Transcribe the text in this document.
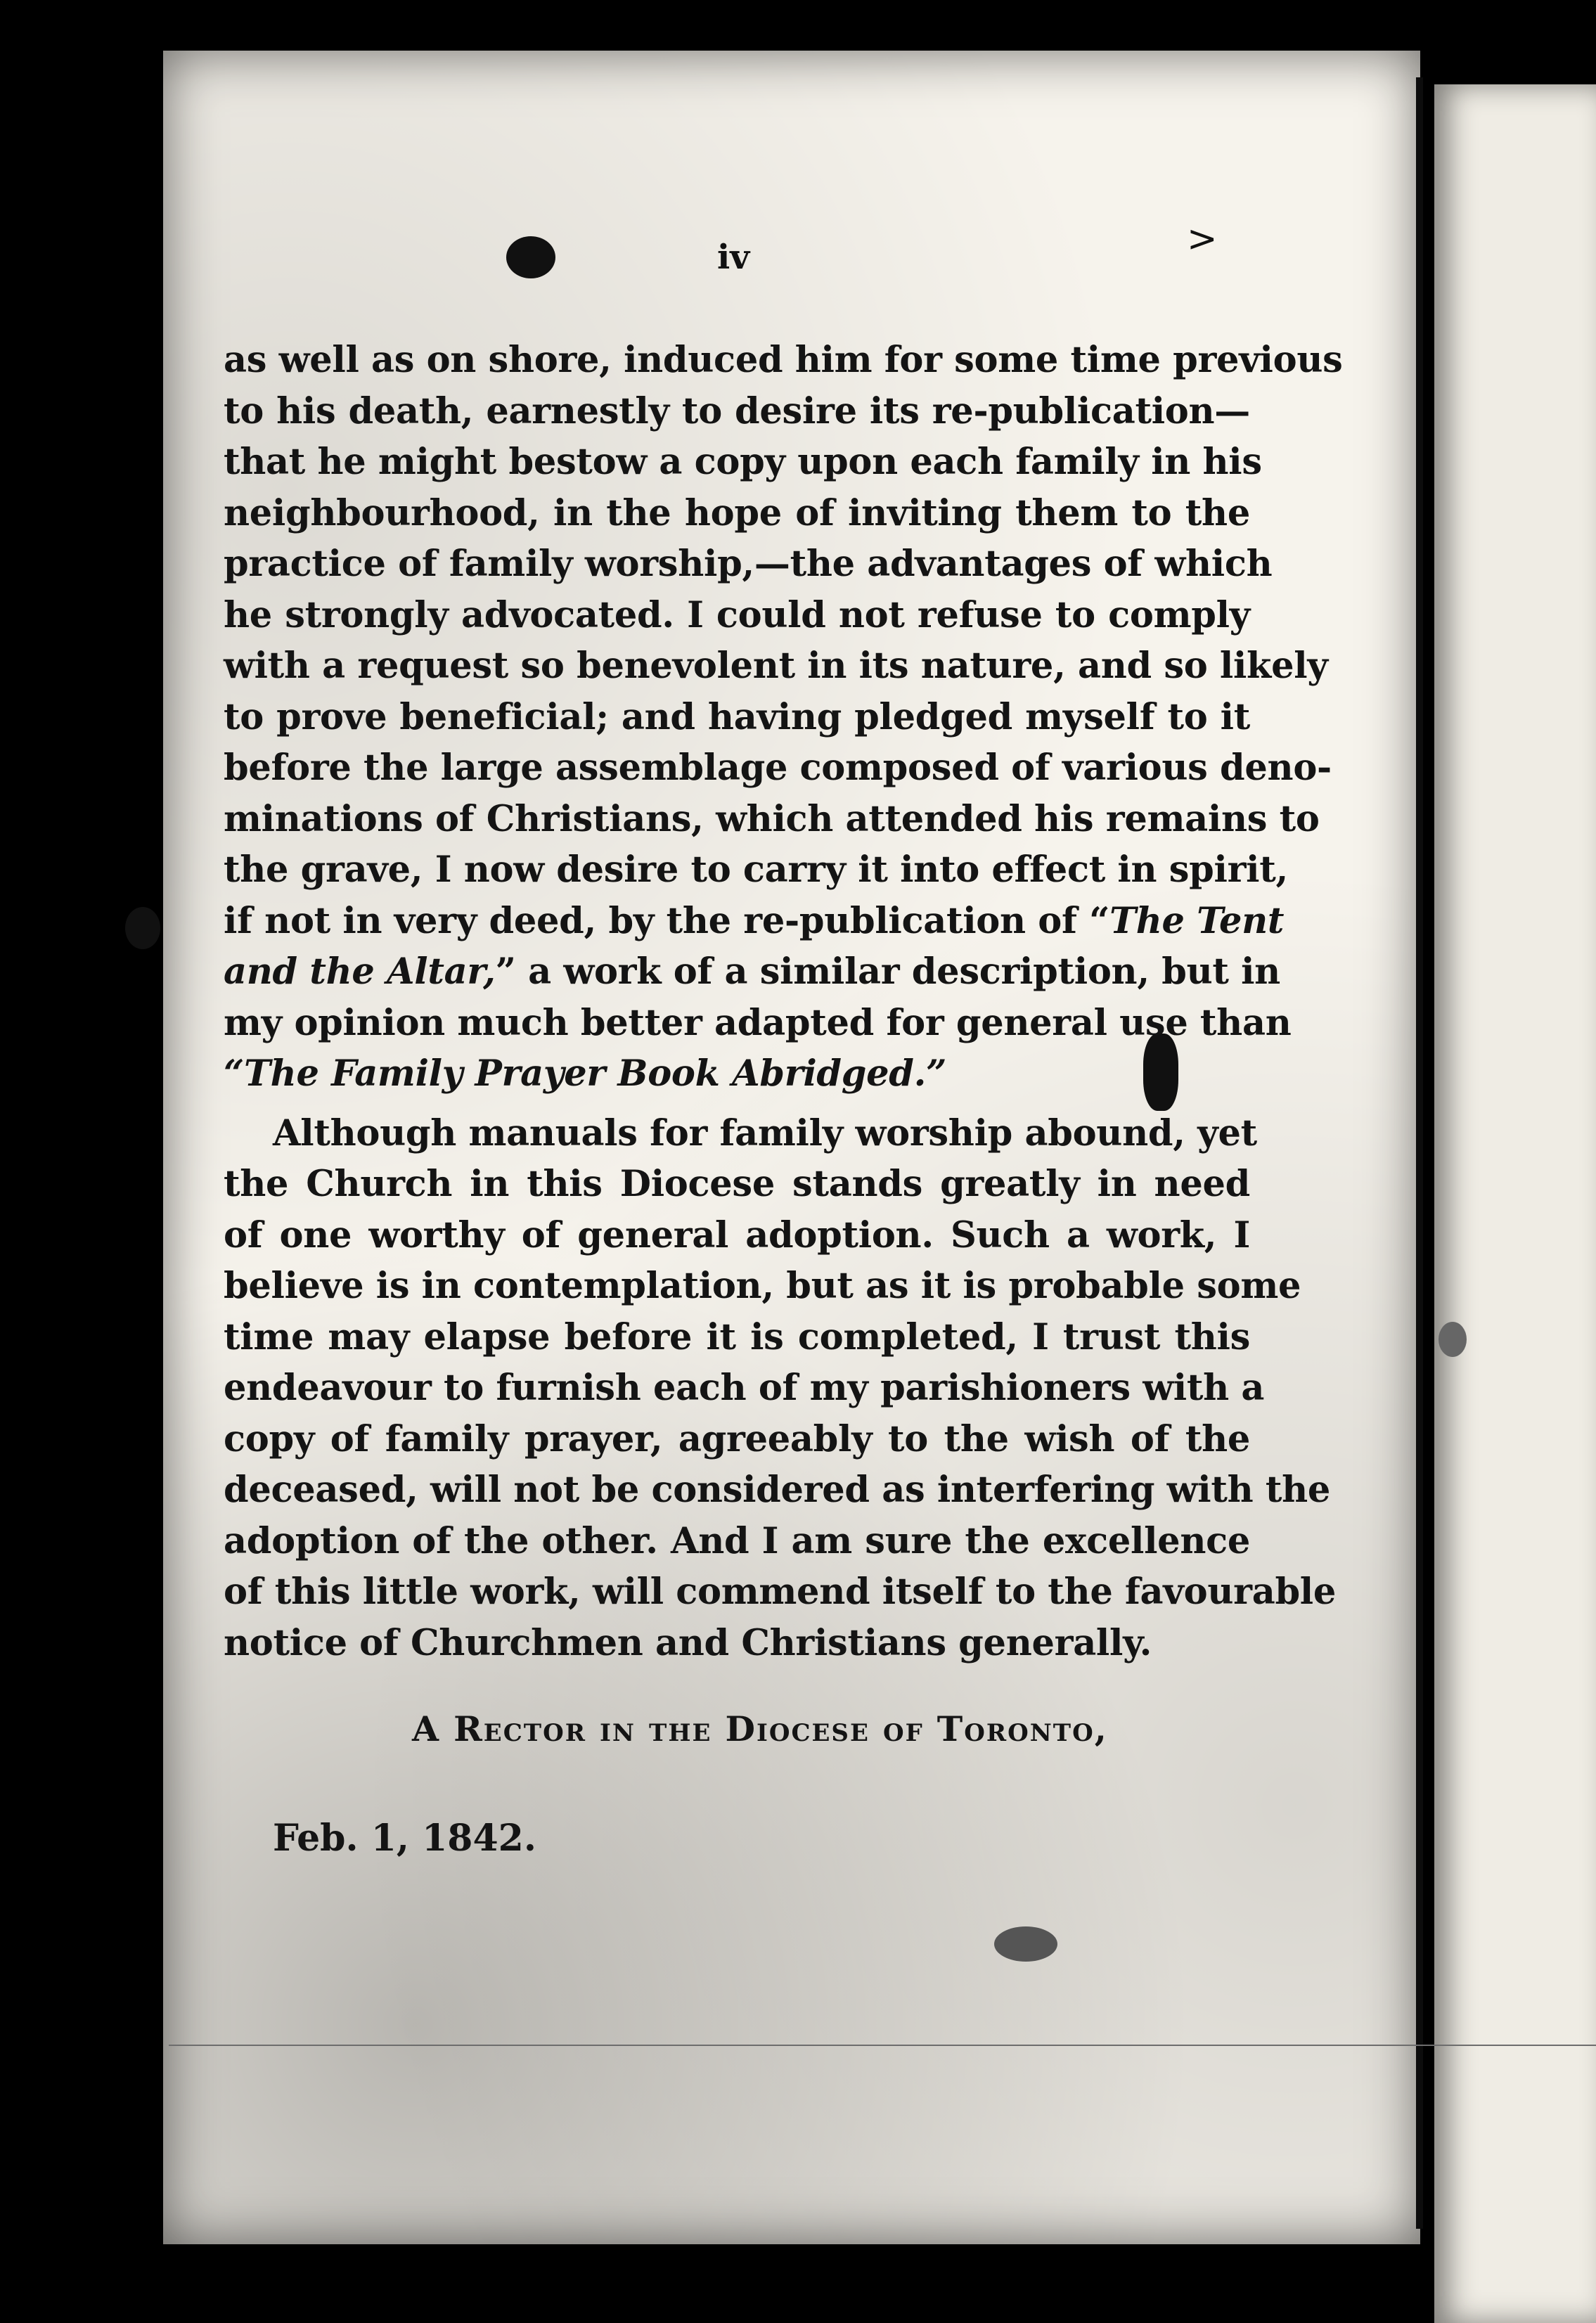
iv	>
as well as on shore, induced him for some time previous
to his death, earnestly to desire its re-publication—
that he might bestow a copy upon each family in his
neighbourhood, in the hope of inviting them to the
practice of family worship,—the advantages of which
he strongly advocated. I could not refuse to comply
with a request so benevolent in its nature, and so likely
to prove beneficial; and having pledged myself to it
before the large assemblage composed of various deno-
minations of Christians, which attended his remains to
the grave, I now desire to carry it into effect in spirit,
if not in very deed, by the re-publication of “The Tent
and the Altar,” a work of a similar description, but in
my opinion much better adapted for general use than
“The Family Prayer Book Abridged.”
Although manuals for family worship abound, yet
the Church in this Diocese stands greatly in need
of one worthy of general adoption. Such a work, I
believe is in contemplation, but as it is probable some
time may elapse before it is completed, I trust this
endeavour to furnish each of my parishioners with a
copy of family prayer, agreeably to the wish of the
deceased, will not be considered as interfering with the
adoption of the other. And I am sure the excellence
of this little work, will commend itself to the favourable
notice of Churchmen and Christians generally.
A Rector in the Diocese of Toronto,
Feb. 1, 1842.
